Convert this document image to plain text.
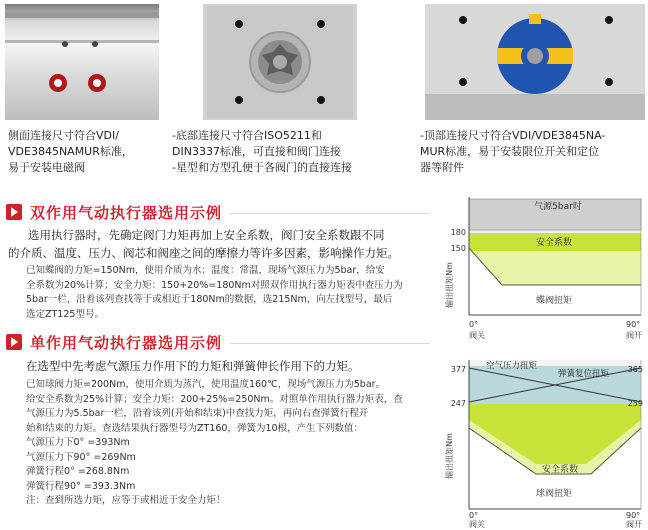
侧面连接尺寸符合VDI/
VDE3845NAMUR标准，
易于安装电磁阀
-底部连接尺寸符合ISO5211和
DIN3337标准，可直接和阀门连接
-星型和方型孔便于各阀门的直接连接
-顶部连接尺寸符合VDI/VDE3845NA-
MUR标准，易于安装限位开关和定位
器等附件
双作用气动执行器选用示例
选用执行器时，先确定阀门力矩再加上安全系数，阀门安全系数跟不同
的介质、温度、压力、阀芯和阀座之间的摩擦力等许多因素，影响操作力矩。
已知蝶阀的力矩=150Nm，使用介质为水；温度：常温，现场气源压力为5bar，给安
全系数为20%计算；安全力矩：150+20%=180Nm对照双作用执行器力矩表中查压力为
5bar一栏，沿着该列查找等于或相近于180Nm的数据，选215Nm，向左找型号，最后
选定ZT125型号。
单作用气动执行器选用示例
在选型中先考虑气源压力作用下的力矩和弹簧伸长作用下的力矩。
已知球阀力矩=200Nm，使用介质为蒸汽，使用温度160℃，现场气源压力为5bar。
给安全系数为25%计算；安全力矩：200+25%=250Nm。对照单作用执行器力矩表，查
气源压力为5.5bar一栏，沿着该列(开始和结束)中查找力矩，再向右查弹簧行程开
始和结束的力矩。查选结果执行器型号为ZT160，弹簧为10根，产生下列数值：
气源压力下0° =393Nm
气源压力下90° =269Nm
弹簧行程0° =268.8Nm
弹簧行程90° =393.3Nm
注：查到所选力矩，应等于或相近于安全力矩！
气源5bar时
安全系数
蝶阀扭矩
180
150
输出扭矩Nm
0°
阀关
90°
阀开
空气压力扭矩
弹簧复位扭矩
安全系数
球阀扭矩
377
247
365
259
输出扭矩Nm
0°
阀关
90°
阀开
